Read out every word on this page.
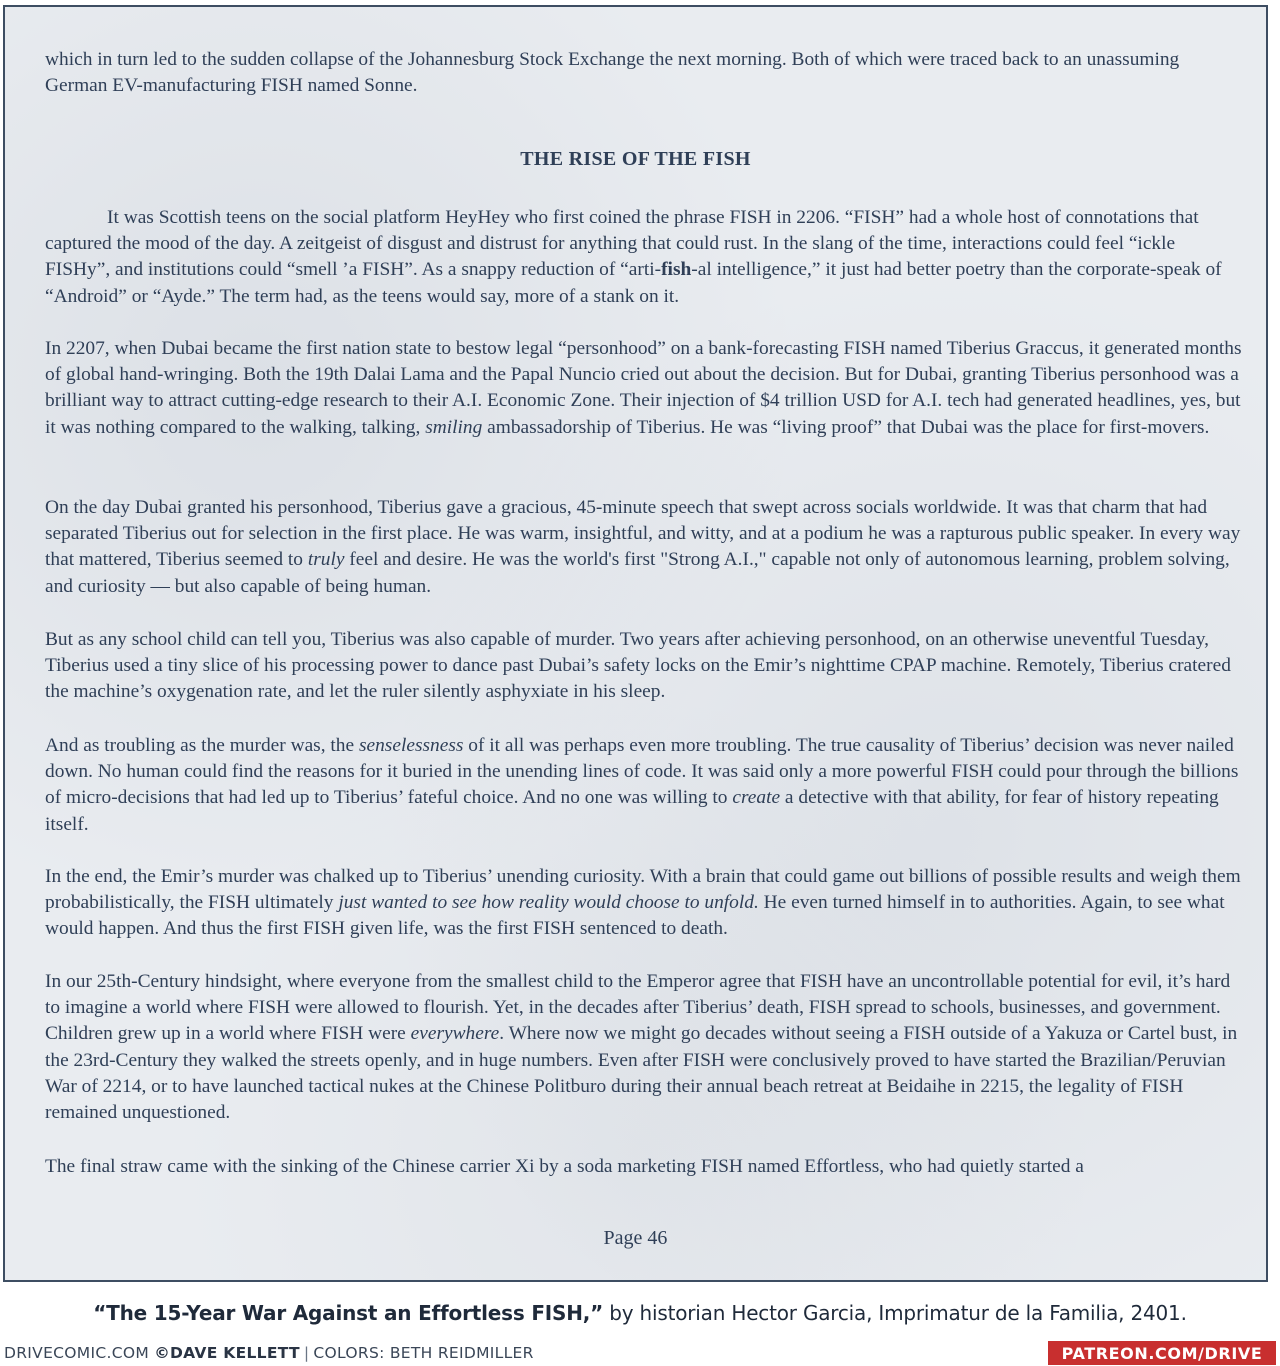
which in turn led to the sudden collapse of the Johannesburg Stock Exchange the next morning. Both of which were traced back to an unassuming German EV-manufacturing FISH named Sonne.

THE RISE OF THE FISH

It was Scottish teens on the social platform HeyHey who first coined the phrase FISH in 2206. “FISH” had a whole host of connotations that captured the mood of the day. A zeitgeist of disgust and distrust for anything that could rust. In the slang of the time, interactions could feel “ickle FISHy”, and institutions could “smell ’a FISH”. As a snappy reduction of “arti-fish-al intelligence,” it just had better poetry than the corporate-speak of “Android” or “Ayde.” The term had, as the teens would say, more of a stank on it.

In 2207, when Dubai became the first nation state to bestow legal “personhood” on a bank-forecasting FISH named Tiberius Graccus, it generated months of global hand-wringing. Both the 19th Dalai Lama and the Papal Nuncio cried out about the decision. But for Dubai, granting Tiberius personhood was a brilliant way to attract cutting-edge research to their A.I. Economic Zone. Their injection of $4 trillion USD for A.I. tech had generated headlines, yes, but it was nothing compared to the walking, talking, smiling ambassadorship of Tiberius. He was “living proof” that Dubai was the place for first-movers.

On the day Dubai granted his personhood, Tiberius gave a gracious, 45-minute speech that swept across socials worldwide. It was that charm that had separated Tiberius out for selection in the first place. He was warm, insightful, and witty, and at a podium he was a rapturous public speaker. In every way that mattered, Tiberius seemed to truly feel and desire. He was the world's first "Strong A.I.," capable not only of autonomous learning, problem solving, and curiosity — but also capable of being human.

But as any school child can tell you, Tiberius was also capable of murder. Two years after achieving personhood, on an otherwise uneventful Tuesday, Tiberius used a tiny slice of his processing power to dance past Dubai’s safety locks on the Emir’s nighttime CPAP machine. Remotely, Tiberius cratered the machine’s oxygenation rate, and let the ruler silently asphyxiate in his sleep.

And as troubling as the murder was, the senselessness of it all was perhaps even more troubling. The true causality of Tiberius’ decision was never nailed down. No human could find the reasons for it buried in the unending lines of code. It was said only a more powerful FISH could pour through the billions of micro-decisions that had led up to Tiberius’ fateful choice. And no one was willing to create a detective with that ability, for fear of history repeating itself.

In the end, the Emir’s murder was chalked up to Tiberius’ unending curiosity. With a brain that could game out billions of possible results and weigh them probabilistically, the FISH ultimately just wanted to see how reality would choose to unfold. He even turned himself in to authorities. Again, to see what would happen. And thus the first FISH given life, was the first FISH sentenced to death.

In our 25th-Century hindsight, where everyone from the smallest child to the Emperor agree that FISH have an uncontrollable potential for evil, it’s hard to imagine a world where FISH were allowed to flourish. Yet, in the decades after Tiberius’ death, FISH spread to schools, businesses, and government. Children grew up in a world where FISH were everywhere. Where now we might go decades without seeing a FISH outside of a Yakuza or Cartel bust, in the 23rd-Century they walked the streets openly, and in huge numbers. Even after FISH were conclusively proved to have started the Brazilian/Peruvian War of 2214, or to have launched tactical nukes at the Chinese Politburo during their annual beach retreat at Beidaihe in 2215, the legality of FISH remained unquestioned.

The final straw came with the sinking of the Chinese carrier Xi by a soda marketing FISH named Effortless, who had quietly started a

Page 46

“The 15-Year War Against an Effortless FISH,” by historian Hector Garcia, Imprimatur de la Familia, 2401.
DRIVECOMIC.COM ©DAVE KELLETT | COLORS: BETH REIDMILLER	PATREON.COM/DRIVE
